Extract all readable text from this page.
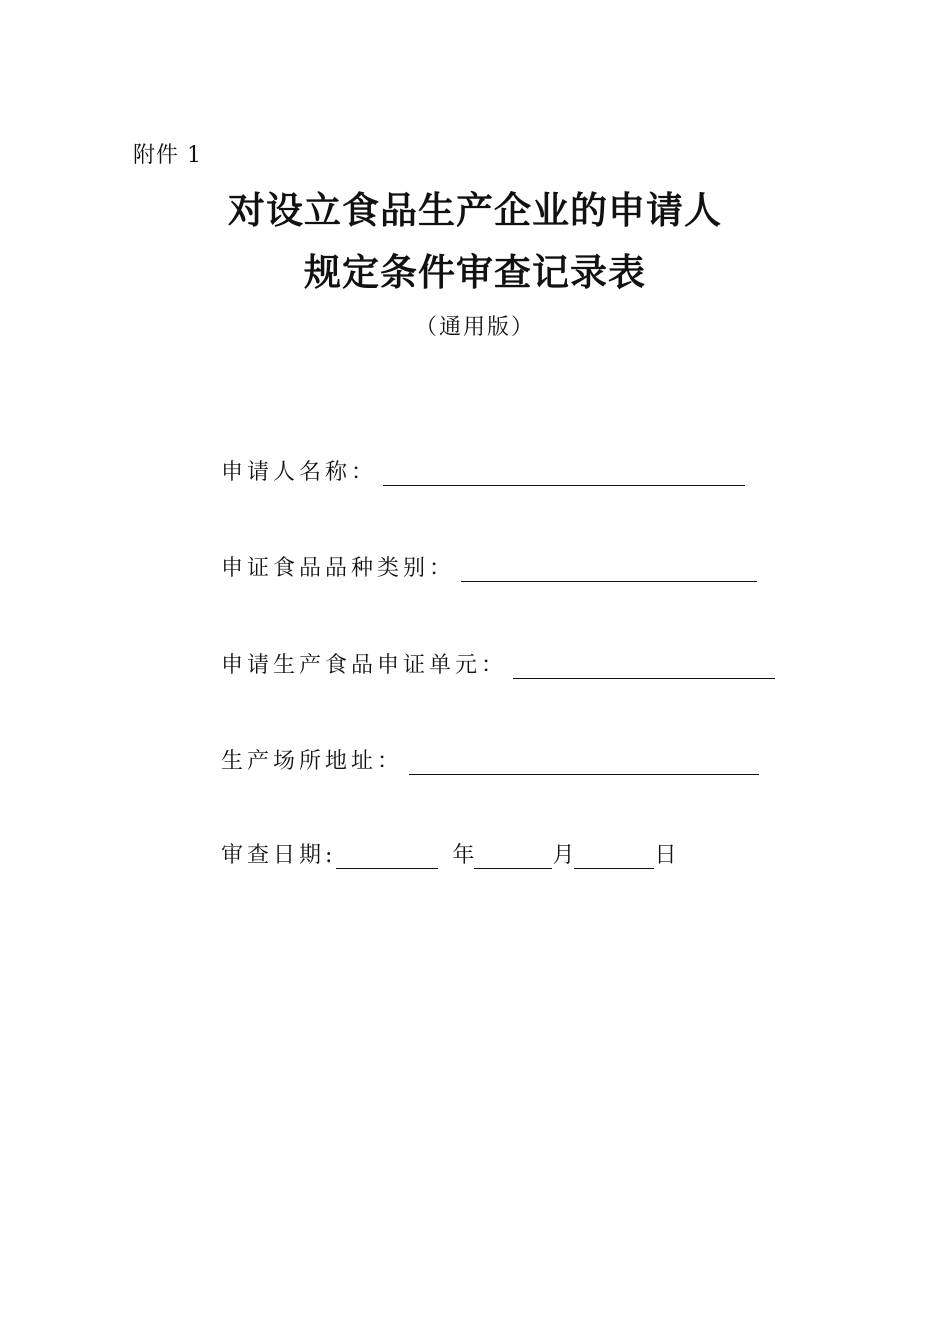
附件 1
对设立食品生产企业的申请人
规定条件审查记录表
（通用版）
申请人名称：
申证食品品种类别：
申请生产食品申证单元：
生产场所地址：
审查日期:	年	月	日
